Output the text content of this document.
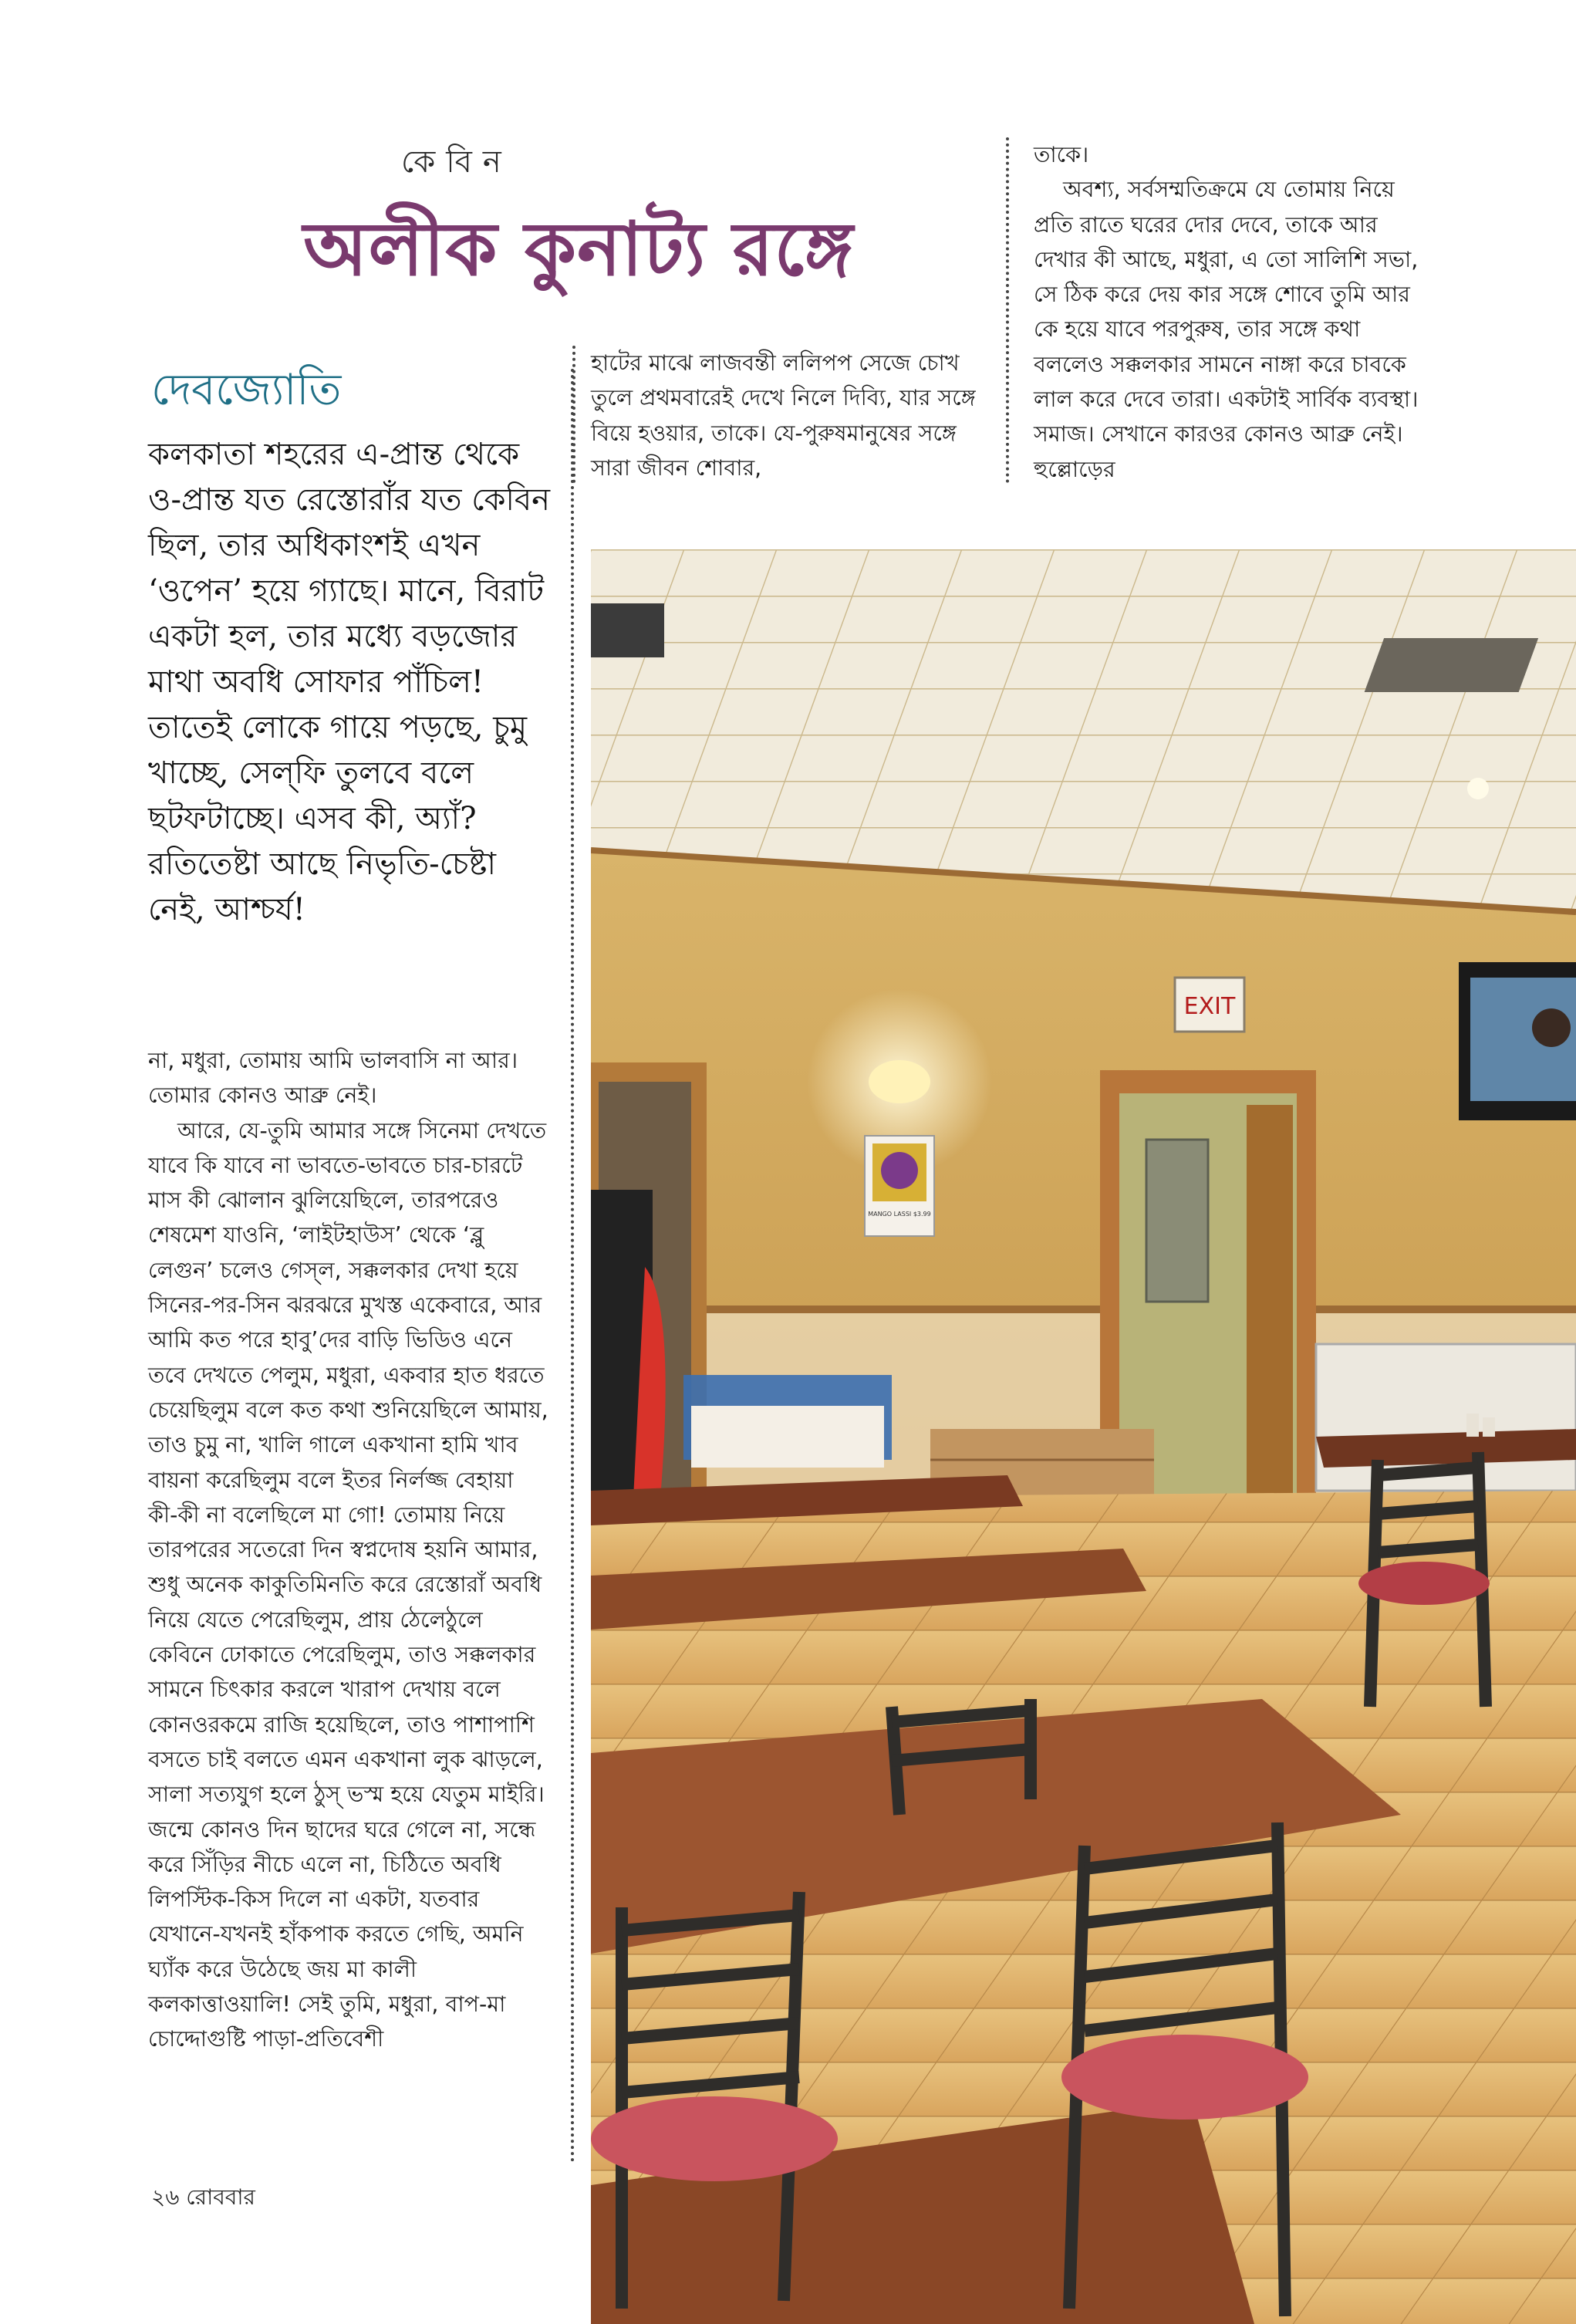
কেবিন
অলীক কুনাট্য রঙ্গে
দেবজ্যোতি

কলকাতা শহরের এ-প্রান্ত থেকে ও-প্রান্ত যত রেস্তোরাঁর যত কেবিন ছিল, তার অধিকাংশই এখন ‘ওপেন’ হয়ে গ্যাছে। মানে, বিরাট একটা হল, তার মধ্যে বড়জোর মাথা অবধি সোফার পাঁচিল! তাতেই লোকে গায়ে পড়ছে, চুমু খাচ্ছে, সেল্‌ফি তুলবে বলে ছটফটাচ্ছে। এসব কী, অ্যাঁ? রতিতেষ্টা আছে নিভৃতি-চেষ্টা নেই, আশ্চর্য!

না, মধুরা, তোমায় আমি ভালবাসি না আর। তোমার কোনও আব্রু নেই।

আরে, যে-তুমি আমার সঙ্গে সিনেমা দেখতে যাবে কি যাবে না ভাবতে-ভাবতে চার-চারটে মাস কী ঝোলান ঝুলিয়েছিলে, তারপরেও শেষমেশ যাওনি, ‘লাইটহাউস’ থেকে ‘ব্লু লেগুন’ চলেও গেস্‌ল, সক্কলকার দেখা হয়ে সিনের-পর-সিন ঝরঝরে মুখস্ত একেবারে, আর আমি কত পরে হাবু’দের বাড়ি ভিডিও এনে তবে দেখতে পেলুম, মধুরা, একবার হাত ধরতে চেয়েছিলুম বলে কত কথা শুনিয়েছিলে আমায়, তাও চুমু না, খালি গালে একখানা হামি খাব বায়না করেছিলুম বলে ইতর নির্লজ্জ বেহায়া কী-কী না বলেছিলে মা গো! তোমায় নিয়ে তারপরের সতেরো দিন স্বপ্নদোষ হয়নি আমার, শুধু অনেক কাকুতিমিনতি করে রেস্তোরাঁ অবধি নিয়ে যেতে পেরেছিলুম, প্রায় ঠেলেঠুলে কেবিনে ঢোকাতে পেরেছিলুম, তাও সক্কলকার সামনে চিৎকার করলে খারাপ দেখায় বলে কোনওরকমে রাজি হয়েছিলে, তাও পাশাপাশি বসতে চাই বলতে এমন একখানা লুক ঝাড়লে, সালা সত্যযুগ হলে ঠুস্‌ ভস্ম হয়ে যেতুম মাইরি। জন্মে কোনও দিন ছাদের ঘরে গেলে না, সন্ধে করে সিঁড়ির নীচে এলে না, চিঠিতে অবধি লিপস্টিক-কিস দিলে না একটা, যতবার যেখানে-যখনই হাঁকপাক করতে গেছি, অমনি ঘ্যাঁক করে উঠেছে জয় মা কালী কলকাত্তাওয়ালি! সেই তুমি, মধুরা, বাপ-মা চোদ্দোগুষ্টি পাড়া-প্রতিবেশী

হাটের মাঝে লাজবন্তী ললিপপ সেজে চোখ তুলে প্রথমবারেই দেখে নিলে দিব্যি, যার সঙ্গে বিয়ে হওয়ার, তাকে। যে-পুরুষমানুষের সঙ্গে সারা জীবন শোবার,

তাকে।

অবশ্য, সর্বসম্মতিক্রমে যে তোমায় নিয়ে প্রতি রাতে ঘরের দোর দেবে, তাকে আর দেখার কী আছে, মধুরা, এ তো সালিশি সভা, সে ঠিক করে দেয় কার সঙ্গে শোবে তুমি আর কে হয়ে যাবে পরপুরুষ, তার সঙ্গে কথা বললেও সক্কলকার সামনে নাঙ্গা করে চাবকে লাল করে দেবে তারা। একটাই সার্বিক ব্যবস্থা। সমাজ। সেখানে কারওর কোনও আব্রু নেই। হুল্লোড়ের

MANGO LASSI $3.99
EXIT
২৬ রোববার
